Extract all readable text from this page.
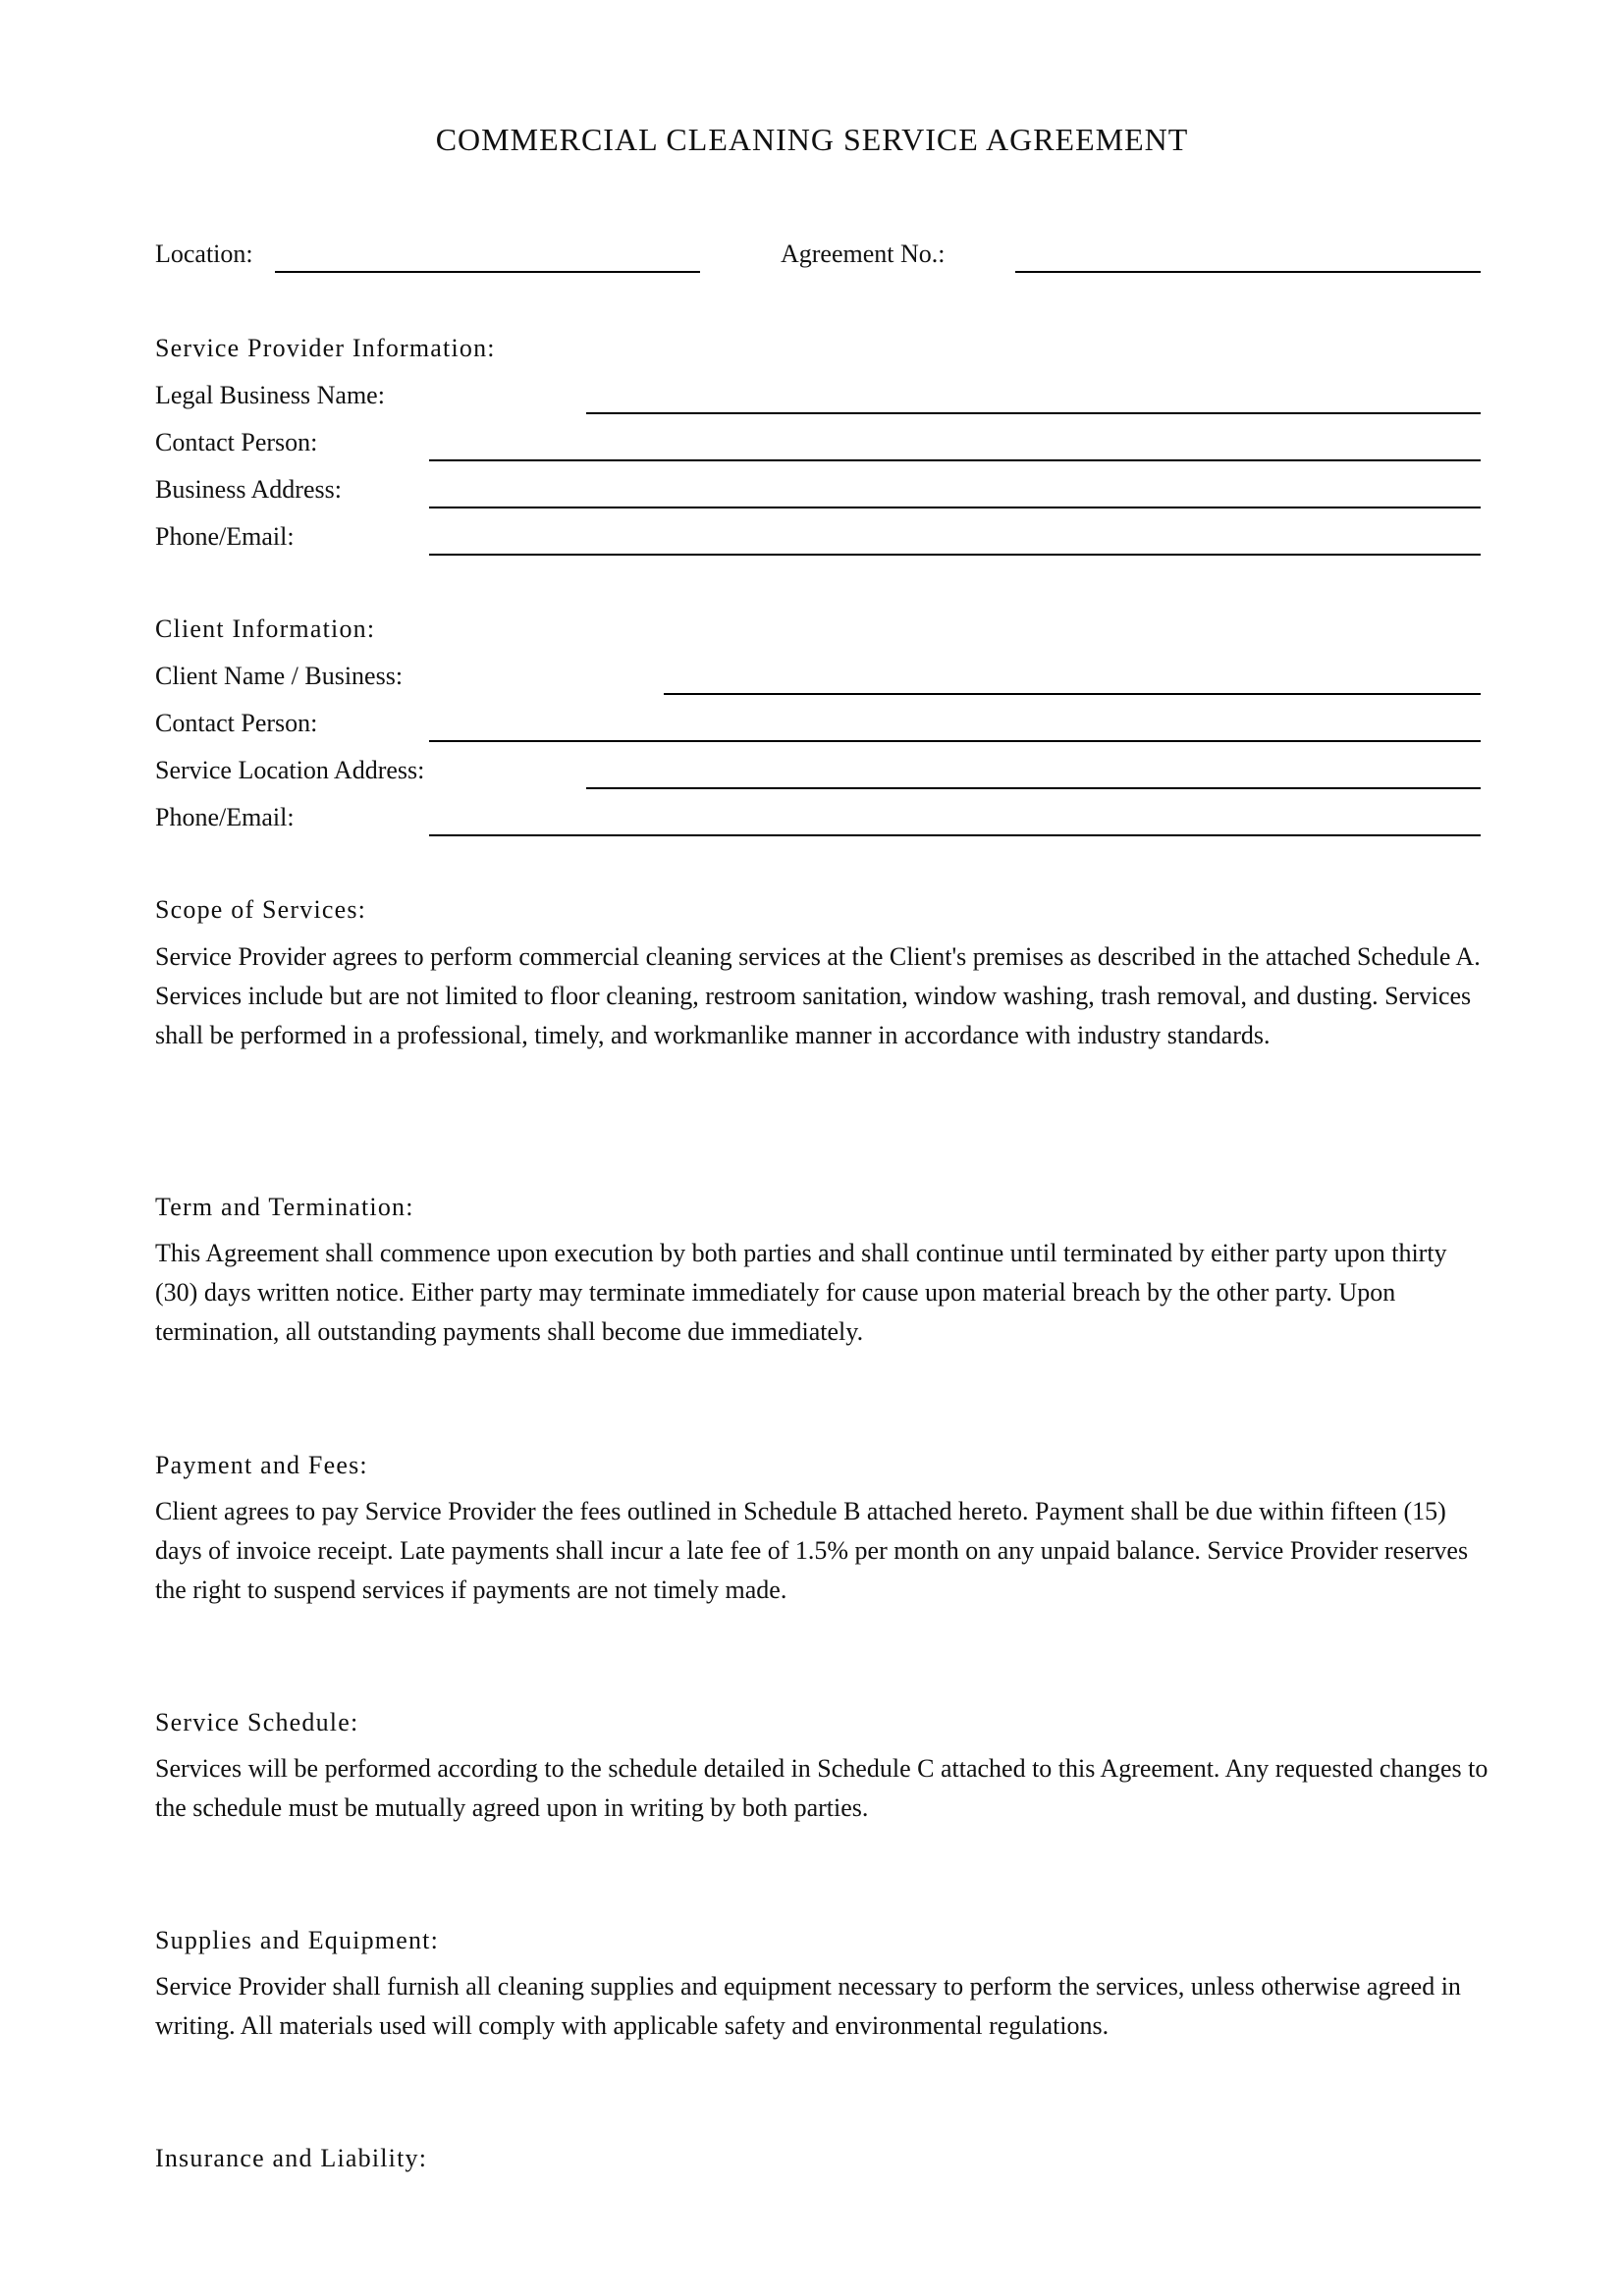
COMMERCIAL CLEANING SERVICE AGREEMENT
Location:	Agreement No.:
Service Provider Information:
Legal Business Name:
Contact Person:
Business Address:
Phone/Email:
Client Information:
Client Name / Business:
Contact Person:
Service Location Address:
Phone/Email:
Scope of Services:

Service Provider agrees to perform commercial cleaning services at the Client's premises as described in the attached Schedule A. Services include but are not limited to floor cleaning, restroom sanitation, window washing, trash removal, and dusting. Services shall be performed in a professional, timely, and workmanlike manner in accordance with industry standards.

Term and Termination:

This Agreement shall commence upon execution by both parties and shall continue until terminated by either party upon thirty (30) days written notice. Either party may terminate immediately for cause upon material breach by the other party. Upon termination, all outstanding payments shall become due immediately.

Payment and Fees:

Client agrees to pay Service Provider the fees outlined in Schedule B attached hereto. Payment shall be due within fifteen (15) days of invoice receipt. Late payments shall incur a late fee of 1.5% per month on any unpaid balance. Service Provider reserves the right to suspend services if payments are not timely made.

Service Schedule:

Services will be performed according to the schedule detailed in Schedule C attached to this Agreement. Any requested changes to the schedule must be mutually agreed upon in writing by both parties.

Supplies and Equipment:

Service Provider shall furnish all cleaning supplies and equipment necessary to perform the services, unless otherwise agreed in writing. All materials used will comply with applicable safety and environmental regulations.

Insurance and Liability:
